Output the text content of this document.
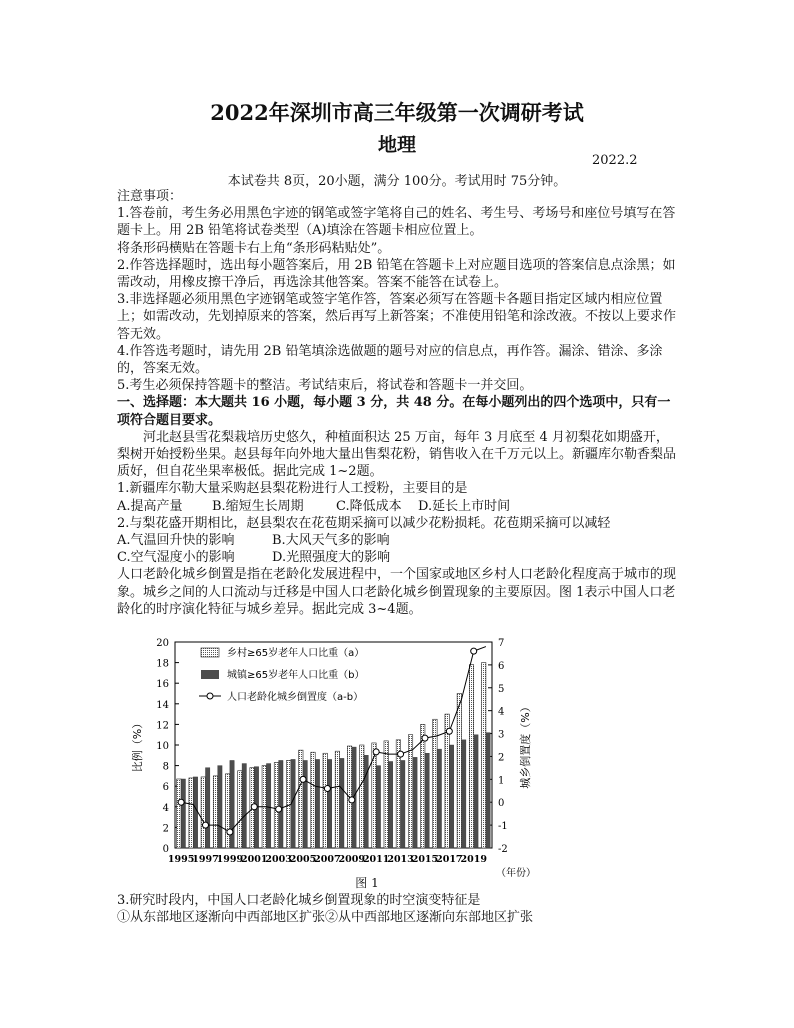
2022年深圳市高三年级第一次调研考试
地理
2022.2
本试卷共 8页，20小题，满分 100分。考试用时 75分钟。

注意事项：

1.答卷前，考生务必用黑色字迹的钢笔或签字笔将自己的姓名、考生号、考场号和座位号填写在答题卡上。用 2B 铅笔将试卷类型（A)填涂在答题卡相应位置上。

将条形码横贴在答题卡右上角“条形码粘贴处”。

2.作答选择题时，选出每小题答案后，用 2B 铅笔在答题卡上对应题目选项的答案信息点涂黑；如需改动，用橡皮擦干净后，再选涂其他答案。答案不能答在试卷上。

3.非选择题必须用黑色字迹钢笔或签字笔作答，答案必须写在答题卡各题目指定区域内相应位置上；如需改动，先划掉原来的答案，然后再写上新答案；不准使用铅笔和涂改液。不按以上要求作答无效。

4.作答选考题时，请先用 2B 铅笔填涂选做题的题号对应的信息点，再作答。漏涂、错涂、多涂的，答案无效。

5.考生必须保持答题卡的整洁。考试结束后，将试卷和答题卡一并交回。

一、选择题：本大题共 16 小题，每小题 3 分，共 48 分。在每小题列出的四个选项中，只有一项符合题目要求。

河北赵县雪花梨栽培历史悠久，种植面积达 25 万亩，每年 3 月底至 4 月初梨花如期盛开，梨树开始授粉坐果。赵县每年向外地大量出售梨花粉，销售收入在千万元以上。新疆库尔勒香梨品质好，但自花坐果率极低。据此完成 1~2题。

1.新疆库尔勒大量采购赵县梨花粉进行人工授粉，主要目的是

A.提高产量	B.缩短生长周期	C.降低成本	D.延长上市时间

2.与梨花盛开期相比，赵县梨农在花苞期采摘可以减少花粉损耗。花苞期采摘可以减轻

A.气温回升快的影响	B.大风天气多的影响

C.空气湿度小的影响	D.光照强度大的影响

人口老龄化城乡倒置是指在老龄化发展进程中，一个国家或地区乡村人口老龄化程度高于城市的现象。城乡之间的人口流动与迁移是中国人口老龄化城乡倒置现象的主要原因。图 1表示中国人口老龄化的时序演化特征与城乡差异。据此完成 3~4题。

0
2
4
6
8
10
12
14
16
18
20
-2
-1
0
1
2
3
4
5
6
7
1995
1997
1999
2001
2003
2005
2007
2009
2011
2013
2015
2017
2019
比例（%）	城乡倒置度（%）
（年份）
乡村≥65岁老年人口比重（a）
城镇≥65岁老年人口比重（b）
人口老龄化城乡倒置度（a-b）
图 1

3.研究时段内，中国人口老龄化城乡倒置现象的时空演变特征是

①从东部地区逐渐向中西部地区扩张②从中西部地区逐渐向东部地区扩张
